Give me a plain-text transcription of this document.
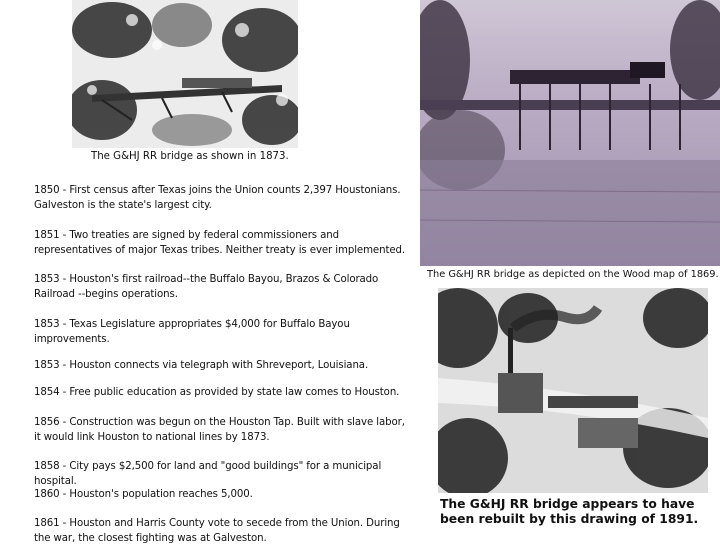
The G&HJ RR bridge as shown in 1873.
The G&HJ RR bridge as depicted on the Wood map of 1869.
The G&HJ RR bridge appears to have been rebuilt by this drawing of 1891.
1850 - First census after Texas joins the Union counts 2,397 Houstonians. Galveston is the state's largest city.
1851 - Two treaties are signed by federal commissioners and representatives of major Texas tribes. Neither treaty is ever implemented.
1853 - Houston's first railroad--the Buffalo Bayou, Brazos & Colorado Railroad --begins operations.
1853 - Texas Legislature appropriates $4,000 for Buffalo Bayou improvements.
1853 - Houston connects via telegraph with Shreveport, Louisiana.
1854 - Free public education as provided by state law comes to Houston.
1856 - Construction was begun on the Houston Tap. Built with slave labor, it would link Houston to national lines by 1873.
1858 - City pays $2,500 for land and "good buildings" for a municipal hospital.
1860 - Houston's population reaches 5,000.
1861 - Houston and Harris County vote to secede from the Union. During the war, the closest fighting was at Galveston.
